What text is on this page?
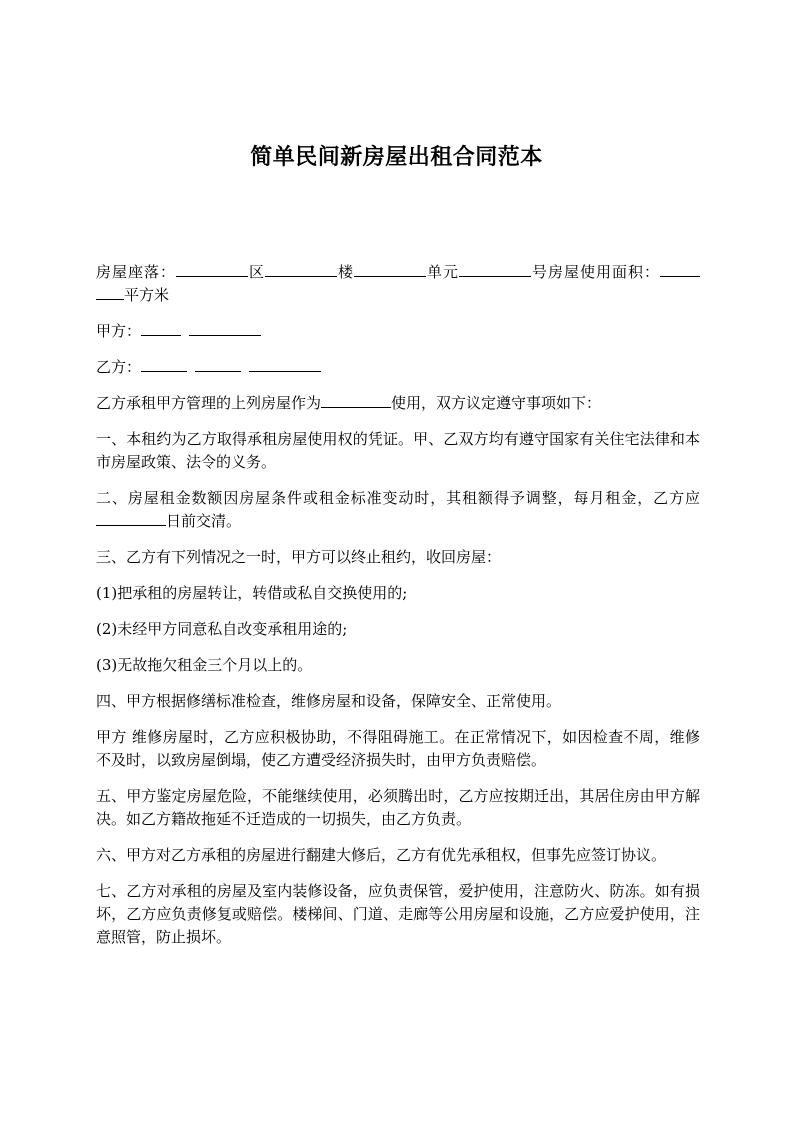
简单民间新房屋出租合同范本

房屋座落：	区	楼	单元	号房屋使用面积：平方米

甲方：

乙方：

乙方承租甲方管理的上列房屋作为	使用，双方议定遵守事项如下：

一、本租约为乙方取得承租房屋使用权的凭证。甲、乙双方均有遵守国家有关住宅法律和本市房屋政策、法令的义务。

二、房屋租金数额因房屋条件或租金标准变动时，其租额得予调整，每月租金，乙方应日前交清。

三、乙方有下列情况之一时，甲方可以终止租约，收回房屋：

(1)把承租的房屋转让，转借或私自交换使用的;

(2)未经甲方同意私自改变承租用途的;

(3)无故拖欠租金三个月以上的。

四、甲方根据修缮标准检查，维修房屋和设备，保障安全、正常使用。

甲方 维修房屋时，乙方应积极协助，不得阻碍施工。在正常情况下，如因检查不周，维修不及时，以致房屋倒塌，使乙方遭受经济损失时，由甲方负责赔偿。

五、甲方鉴定房屋危险，不能继续使用，必须腾出时，乙方应按期迁出，其居住房由甲方解决。如乙方籍故拖延不迁造成的一切损失，由乙方负责。

六、甲方对乙方承租的房屋进行翻建大修后，乙方有优先承租权，但事先应签订协议。

七、乙方对承租的房屋及室内装修设备，应负责保管，爱护使用，注意防火、防冻。如有损坏，乙方应负责修复或赔偿。楼梯间、门道、走廊等公用房屋和设施，乙方应爱护使用，注意照管，防止损坏。
